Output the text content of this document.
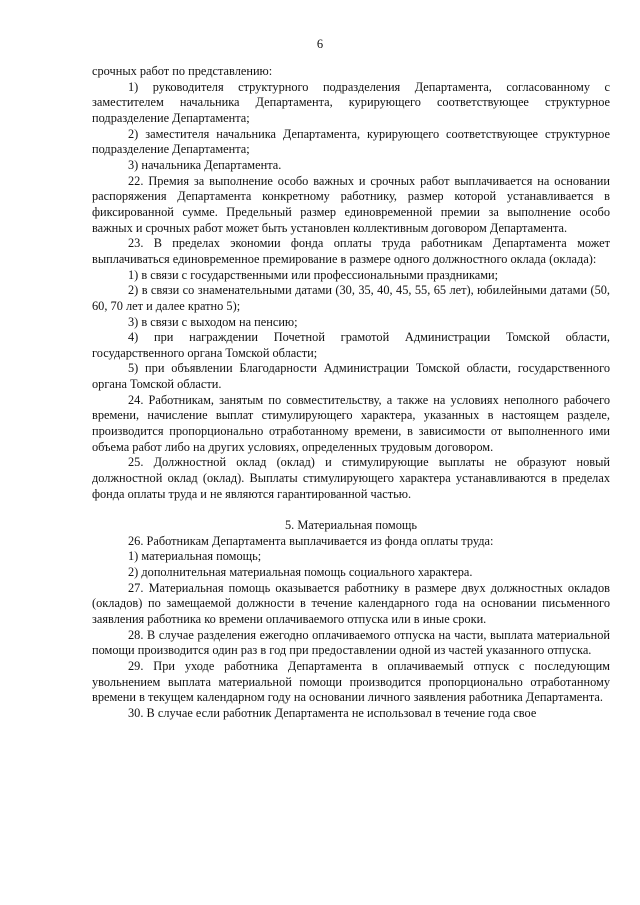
6

срочных работ по представлению:

1) руководителя структурного подразделения Департамента, согласованному с заместителем начальника Департамента, курирующего соответствующее структурное подразделение Департамента;

2) заместителя начальника Департамента, курирующего соответствующее структурное подразделение Департамента;

3) начальника Департамента.

22. Премия за выполнение особо важных и срочных работ выплачивается на основании распоряжения Департамента конкретному работнику, размер которой устанавливается в фиксированной сумме. Предельный размер единовременной премии за выполнение особо важных и срочных работ может быть установлен коллективным договором Департамента.

23. В пределах экономии фонда оплаты труда работникам Департамента может выплачиваться единовременное премирование в размере одного должностного оклада (оклада):

1) в связи с государственными или профессиональными праздниками;

2) в связи со знаменательными датами (30, 35, 40, 45, 55, 65 лет), юбилейными датами (50, 60, 70 лет и далее кратно 5);

3) в связи с выходом на пенсию;

4) при награждении Почетной грамотой Администрации Томской области, государственного органа Томской области;

5) при объявлении Благодарности Администрации Томской области, государственного органа Томской области.

24. Работникам, занятым по совместительству, а также на условиях неполного рабочего времени, начисление выплат стимулирующего характера, указанных в настоящем разделе, производится пропорционально отработанному времени, в зависимости от выполненного ими объема работ либо на других условиях, определенных трудовым договором.

25. Должностной оклад (оклад) и стимулирующие выплаты не образуют новый должностной оклад (оклад). Выплаты стимулирующего характера устанавливаются в пределах фонда оплаты труда и не являются гарантированной частью.

5. Материальная помощь

26. Работникам Департамента выплачивается из фонда оплаты труда:

1) материальная помощь;

2) дополнительная материальная помощь социального характера.

27. Материальная помощь оказывается работнику в размере двух должностных окладов (окладов) по замещаемой должности в течение календарного года на основании письменного заявления работника ко времени оплачиваемого отпуска или в иные сроки.

28. В случае разделения ежегодно оплачиваемого отпуска на части, выплата материальной помощи производится один раз в год при предоставлении одной из частей указанного отпуска.

29. При уходе работника Департамента в оплачиваемый отпуск с последующим увольнением выплата материальной помощи производится пропорционально отработанному времени в текущем календарном году на основании личного заявления работника Департамента.

30. В случае если работник Департамента не использовал в течение года свое
